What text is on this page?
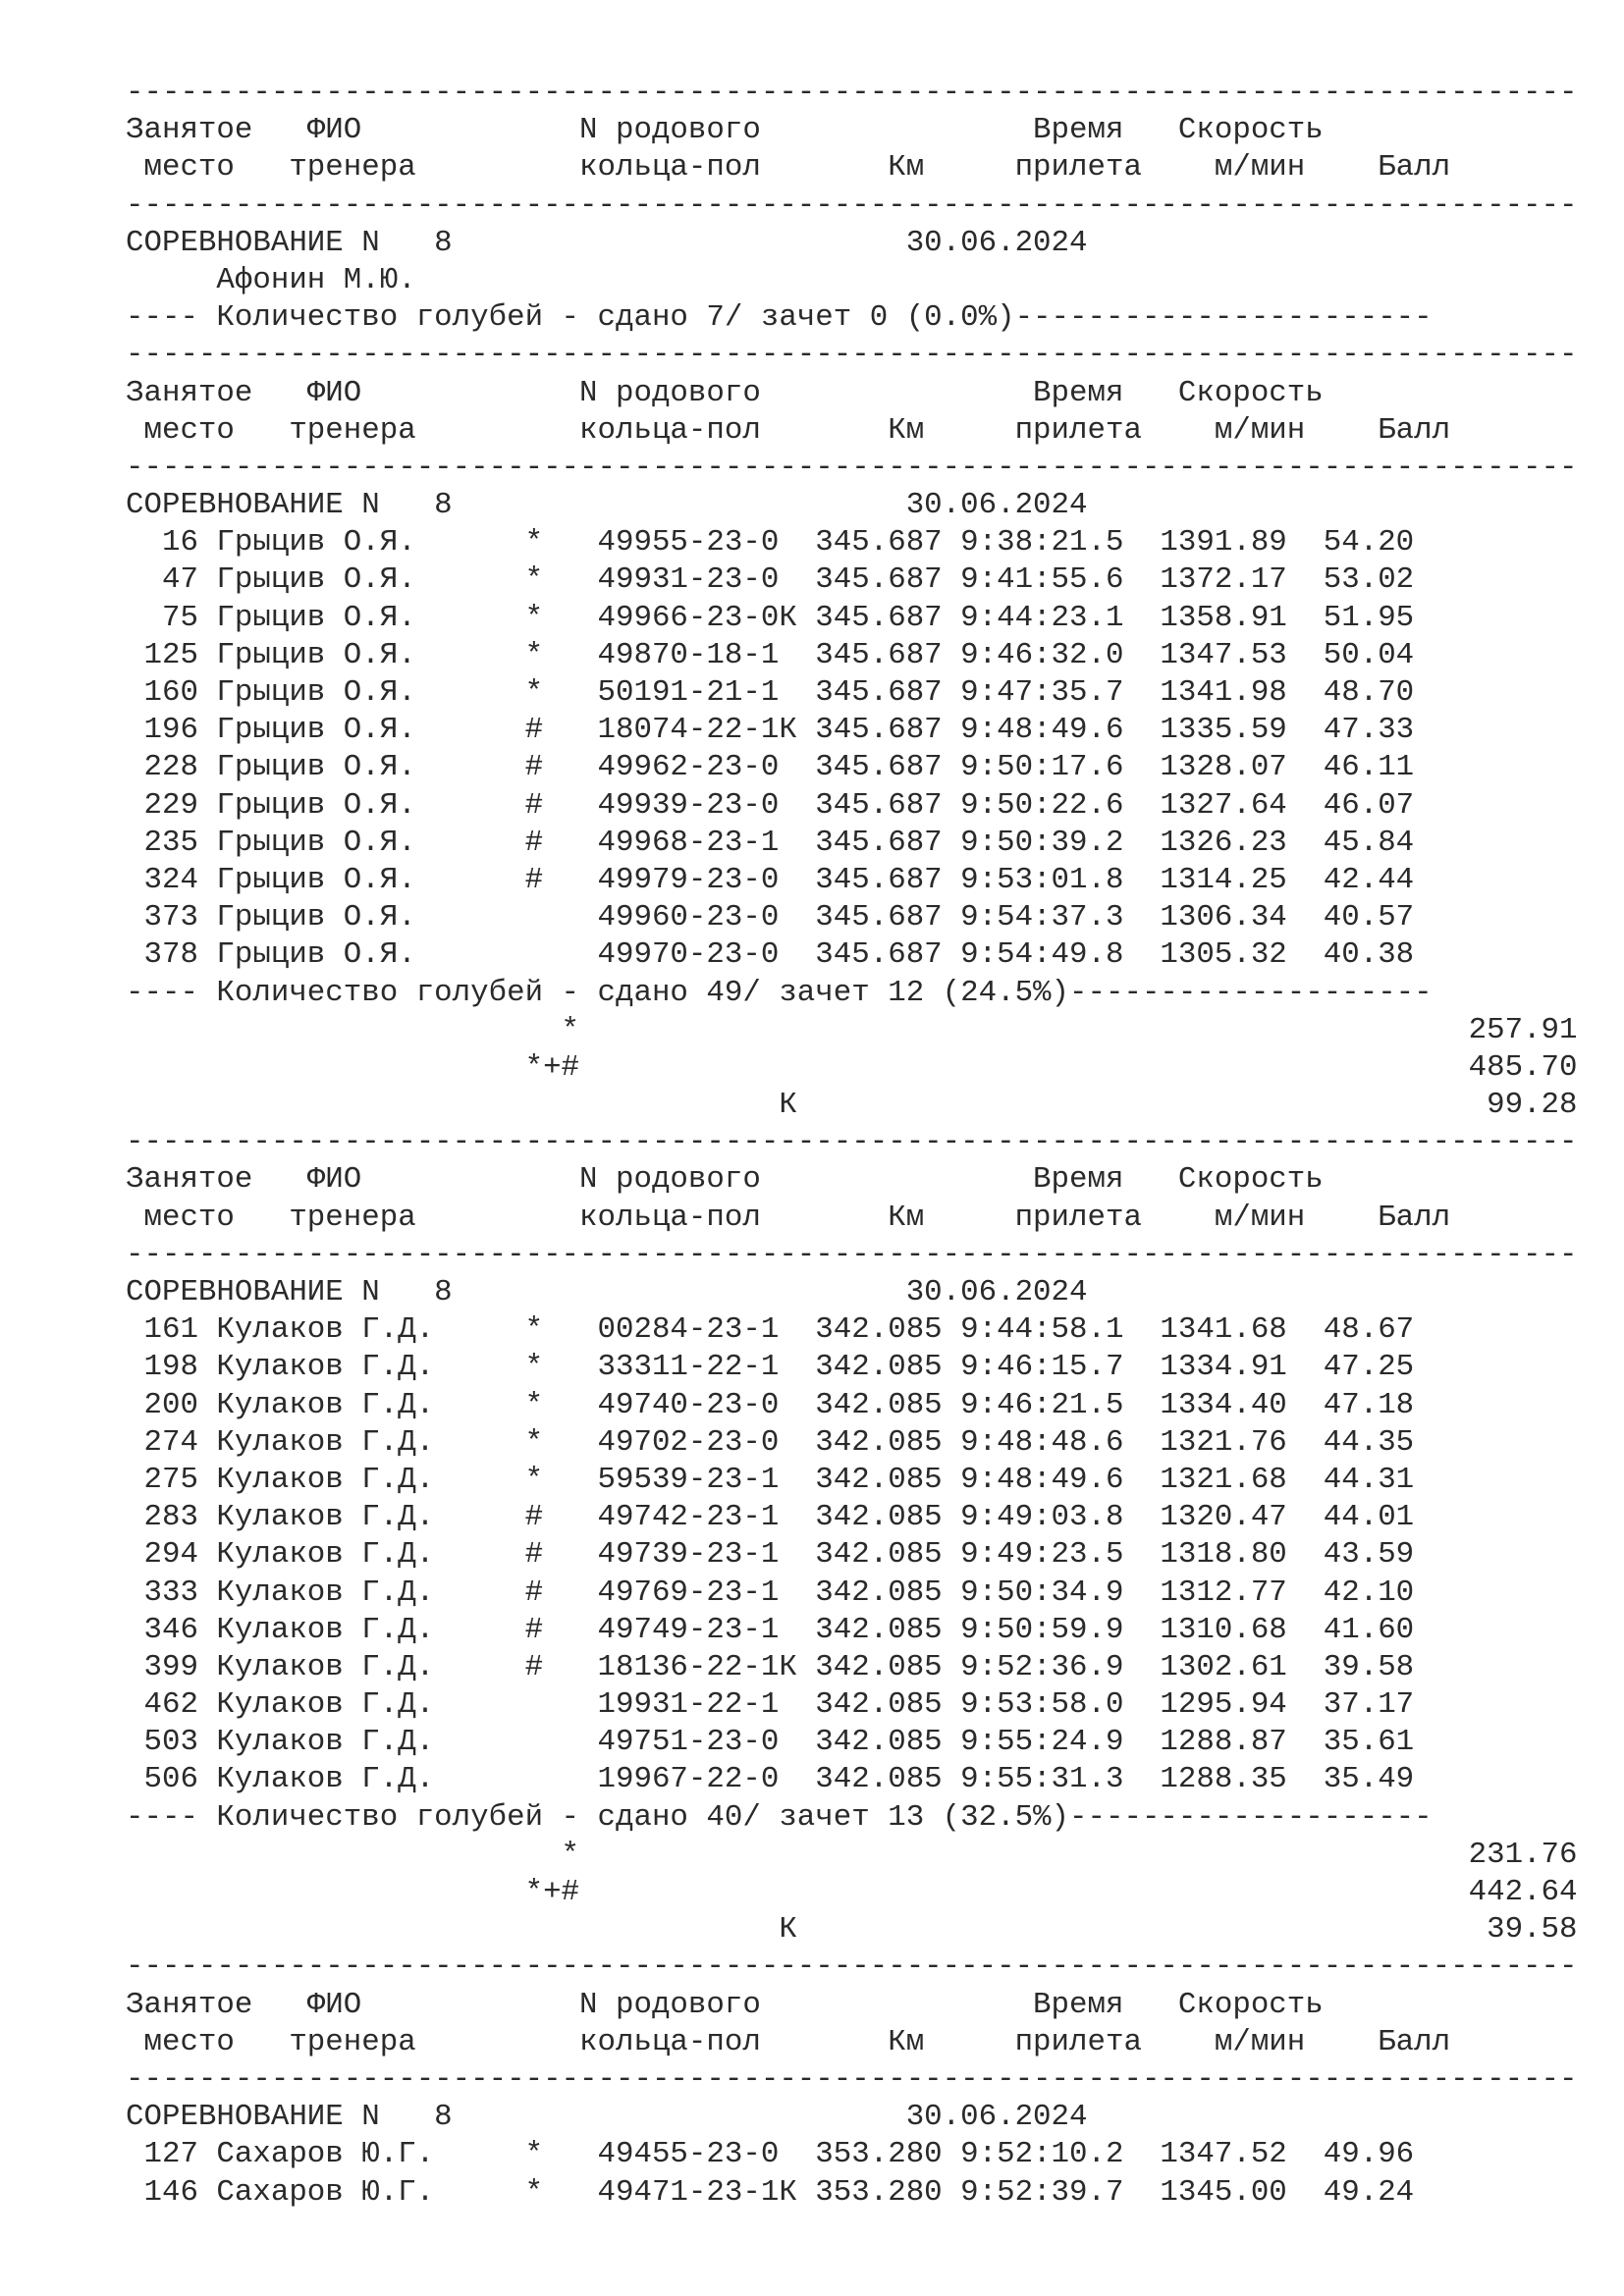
--------------------------------------------------------------------------------
Занятое   ФИО            N родового               Время   Скорость
место   тренера         кольца-пол       Км     прилета    м/мин    Балл
--------------------------------------------------------------------------------
СОРЕВНОВАНИЕ N   8                         30.06.2024
Афонин М.Ю.
---- Количество голубей - сдано 7/ зачет 0 (0.0%)-----------------------
--------------------------------------------------------------------------------
Занятое   ФИО            N родового               Время   Скорость
место   тренера         кольца-пол       Км     прилета    м/мин    Балл
--------------------------------------------------------------------------------
СОРЕВНОВАНИЕ N   8                         30.06.2024
16 Грыцив О.Я.      *   49955-23-0  345.687 9:38:21.5  1391.89  54.20
47 Грыцив О.Я.      *   49931-23-0  345.687 9:41:55.6  1372.17  53.02
75 Грыцив О.Я.      *   49966-23-0К 345.687 9:44:23.1  1358.91  51.95
125 Грыцив О.Я.      *   49870-18-1  345.687 9:46:32.0  1347.53  50.04
160 Грыцив О.Я.      *   50191-21-1  345.687 9:47:35.7  1341.98  48.70
196 Грыцив О.Я.      #   18074-22-1К 345.687 9:48:49.6  1335.59  47.33
228 Грыцив О.Я.      #   49962-23-0  345.687 9:50:17.6  1328.07  46.11
229 Грыцив О.Я.      #   49939-23-0  345.687 9:50:22.6  1327.64  46.07
235 Грыцив О.Я.      #   49968-23-1  345.687 9:50:39.2  1326.23  45.84
324 Грыцив О.Я.      #   49979-23-0  345.687 9:53:01.8  1314.25  42.44
373 Грыцив О.Я.          49960-23-0  345.687 9:54:37.3  1306.34  40.57
378 Грыцив О.Я.          49970-23-0  345.687 9:54:49.8  1305.32  40.38
---- Количество голубей - сдано 49/ зачет 12 (24.5%)--------------------
*                                                 257.91
*+#                                                 485.70
К                                      99.28
--------------------------------------------------------------------------------
Занятое   ФИО            N родового               Время   Скорость
место   тренера         кольца-пол       Км     прилета    м/мин    Балл
--------------------------------------------------------------------------------
СОРЕВНОВАНИЕ N   8                         30.06.2024
161 Кулаков Г.Д.     *   00284-23-1  342.085 9:44:58.1  1341.68  48.67
198 Кулаков Г.Д.     *   33311-22-1  342.085 9:46:15.7  1334.91  47.25
200 Кулаков Г.Д.     *   49740-23-0  342.085 9:46:21.5  1334.40  47.18
274 Кулаков Г.Д.     *   49702-23-0  342.085 9:48:48.6  1321.76  44.35
275 Кулаков Г.Д.     *   59539-23-1  342.085 9:48:49.6  1321.68  44.31
283 Кулаков Г.Д.     #   49742-23-1  342.085 9:49:03.8  1320.47  44.01
294 Кулаков Г.Д.     #   49739-23-1  342.085 9:49:23.5  1318.80  43.59
333 Кулаков Г.Д.     #   49769-23-1  342.085 9:50:34.9  1312.77  42.10
346 Кулаков Г.Д.     #   49749-23-1  342.085 9:50:59.9  1310.68  41.60
399 Кулаков Г.Д.     #   18136-22-1К 342.085 9:52:36.9  1302.61  39.58
462 Кулаков Г.Д.         19931-22-1  342.085 9:53:58.0  1295.94  37.17
503 Кулаков Г.Д.         49751-23-0  342.085 9:55:24.9  1288.87  35.61
506 Кулаков Г.Д.         19967-22-0  342.085 9:55:31.3  1288.35  35.49
---- Количество голубей - сдано 40/ зачет 13 (32.5%)--------------------
*                                                 231.76
*+#                                                 442.64
К                                      39.58
--------------------------------------------------------------------------------
Занятое   ФИО            N родового               Время   Скорость
место   тренера         кольца-пол       Км     прилета    м/мин    Балл
--------------------------------------------------------------------------------
СОРЕВНОВАНИЕ N   8                         30.06.2024
127 Сахаров Ю.Г.     *   49455-23-0  353.280 9:52:10.2  1347.52  49.96
146 Сахаров Ю.Г.     *   49471-23-1К 353.280 9:52:39.7  1345.00  49.24
